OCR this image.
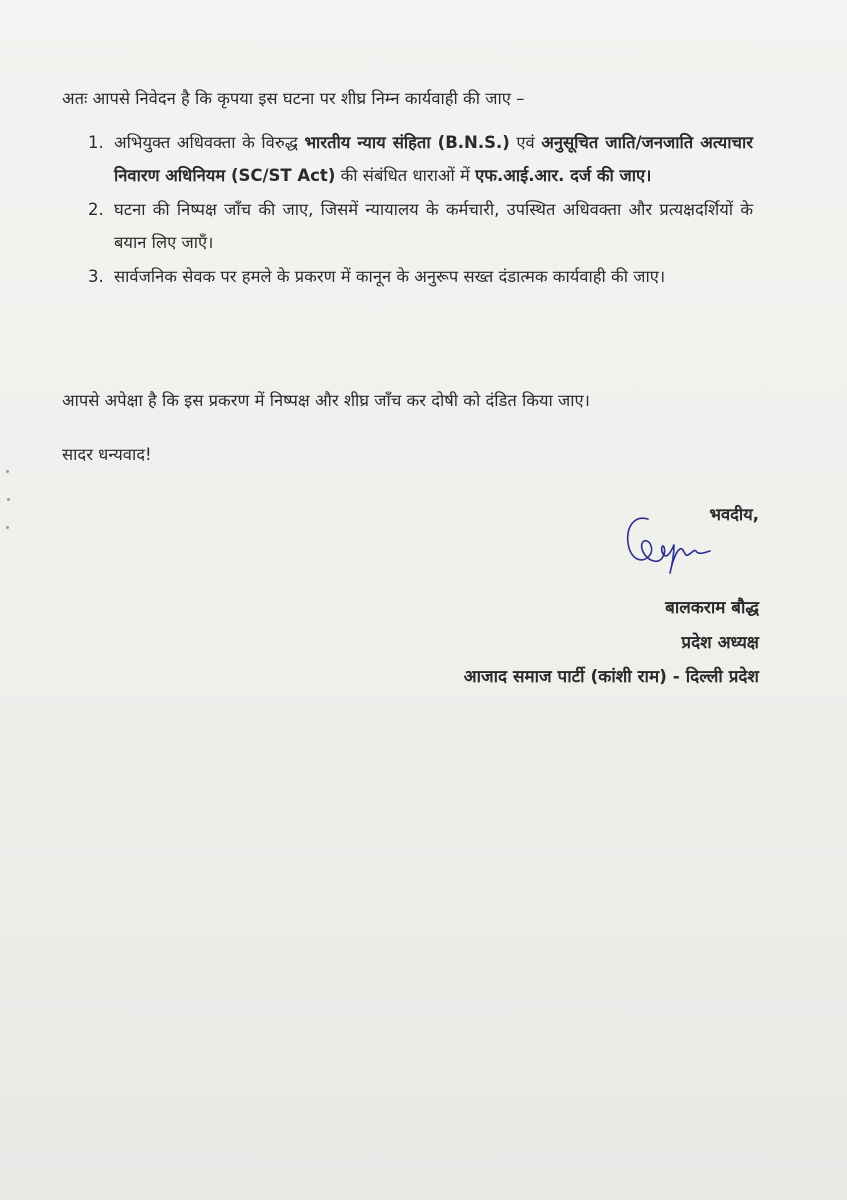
अतः आपसे निवेदन है कि कृपया इस घटना पर शीघ्र निम्न कार्यवाही की जाए –
1. अभियुक्त अधिवक्ता के विरुद्ध भारतीय न्याय संहिता (B.N.S.) एवं अनुसूचित जाति/जनजाति अत्याचार निवारण अधिनियम (SC/ST Act) की संबंधित धाराओं में एफ.आई.आर. दर्ज की जाए।
2. घटना की निष्पक्ष जाँच की जाए, जिसमें न्यायालय के कर्मचारी, उपस्थित अधिवक्ता और प्रत्यक्षदर्शियों के बयान लिए जाएँ।
3. सार्वजनिक सेवक पर हमले के प्रकरण में कानून के अनुरूप सख्त दंडात्मक कार्यवाही की जाए।
आपसे अपेक्षा है कि इस प्रकरण में निष्पक्ष और शीघ्र जाँच कर दोषी को दंडित किया जाए।
सादर धन्यवाद!
भवदीय,
बालकराम बौद्ध
प्रदेश अध्यक्ष
आजाद समाज पार्टी (कांशी राम) - दिल्ली प्रदेश
